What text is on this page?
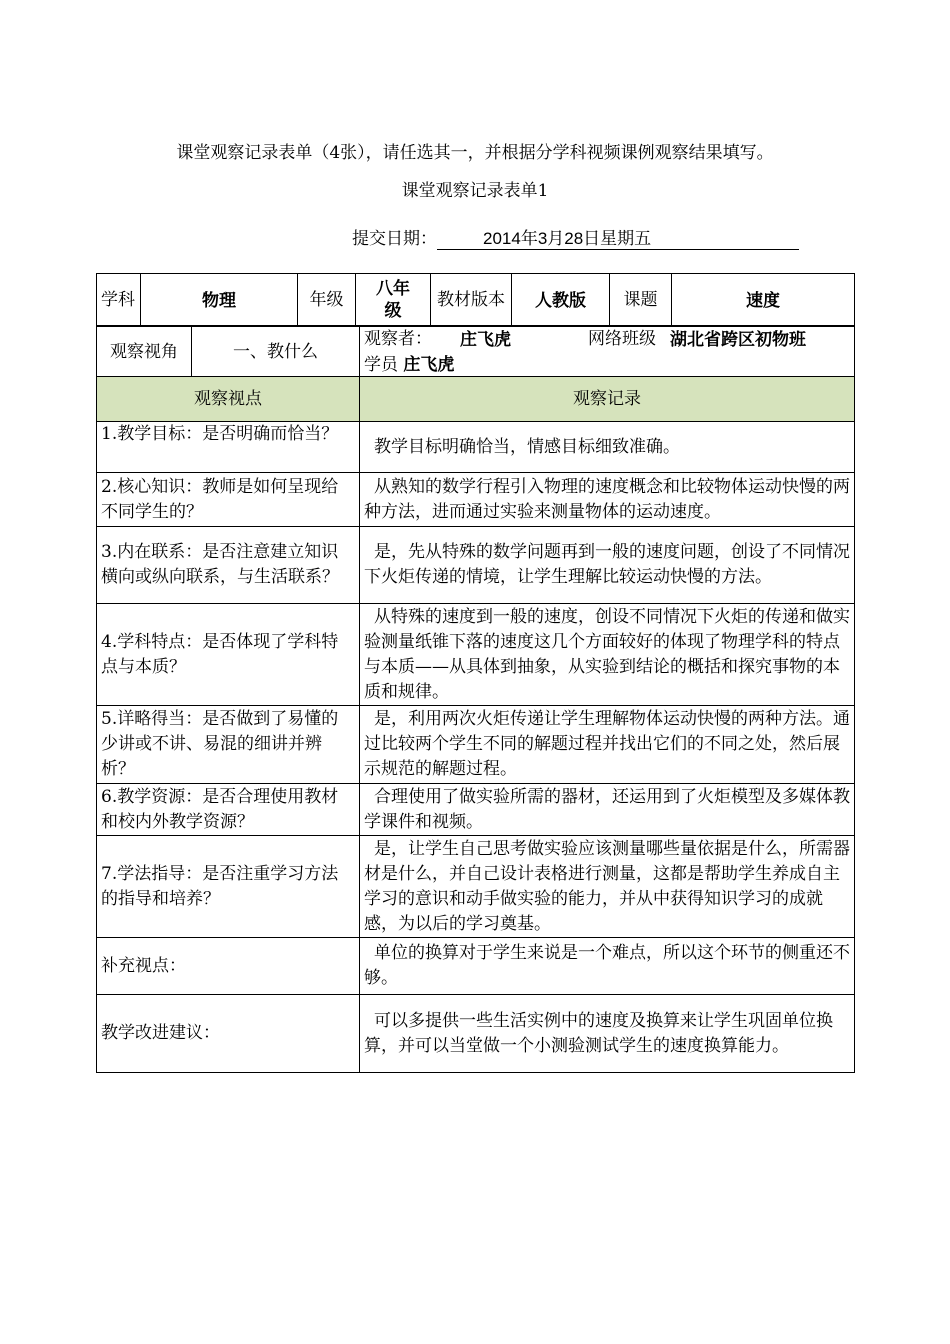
课堂观察记录表单（4张），请任选其一，并根据分学科视频课例观察结果填写。
课堂观察记录表单1
提交日期：	2014年3月28日星期五
学科	物理	年级	八年级	教材版本	人教版	课题	速度
观察视角	一、教什么	
观察者：	庄飞虎	网络班级 湖北省跨区初物班
学员 庄飞虎
观察视点	观察记录
1.教学目标：是否明确而恰当？	教学目标明确恰当，情感目标细致准确。
2.核心知识：教师是如何呈现给不同学生的？	从熟知的数学行程引入物理的速度概念和比较物体运动快慢的两种方法，进而通过实验来测量物体的运动速度。
3.内在联系：是否注意建立知识横向或纵向联系，与生活联系？	是，先从特殊的数学问题再到一般的速度问题，创设了不同情况下火炬传递的情境，让学生理解比较运动快慢的方法。
4.学科特点：是否体现了学科特点与本质？	从特殊的速度到一般的速度，创设不同情况下火炬的传递和做实验测量纸锥下落的速度这几个方面较好的体现了物理学科的特点与本质——从具体到抽象，从实验到结论的概括和探究事物的本质和规律。
5.详略得当：是否做到了易懂的少讲或不讲、易混的细讲并辨析？	是，利用两次火炬传递让学生理解物体运动快慢的两种方法。通过比较两个学生不同的解题过程并找出它们的不同之处，然后展示规范的解题过程。
6.教学资源：是否合理使用教材和校内外教学资源？	合理使用了做实验所需的器材，还运用到了火炬模型及多媒体教学课件和视频。
7.学法指导：是否注重学习方法的指导和培养？	是，让学生自己思考做实验应该测量哪些量依据是什么，所需器材是什么，并自己设计表格进行测量，这都是帮助学生养成自主学习的意识和动手做实验的能力，并从中获得知识学习的成就感，为以后的学习奠基。
补充视点：	单位的换算对于学生来说是一个难点，所以这个环节的侧重还不够。
教学改进建议：	可以多提供一些生活实例中的速度及换算来让学生巩固单位换算，并可以当堂做一个小测验测试学生的速度换算能力。
